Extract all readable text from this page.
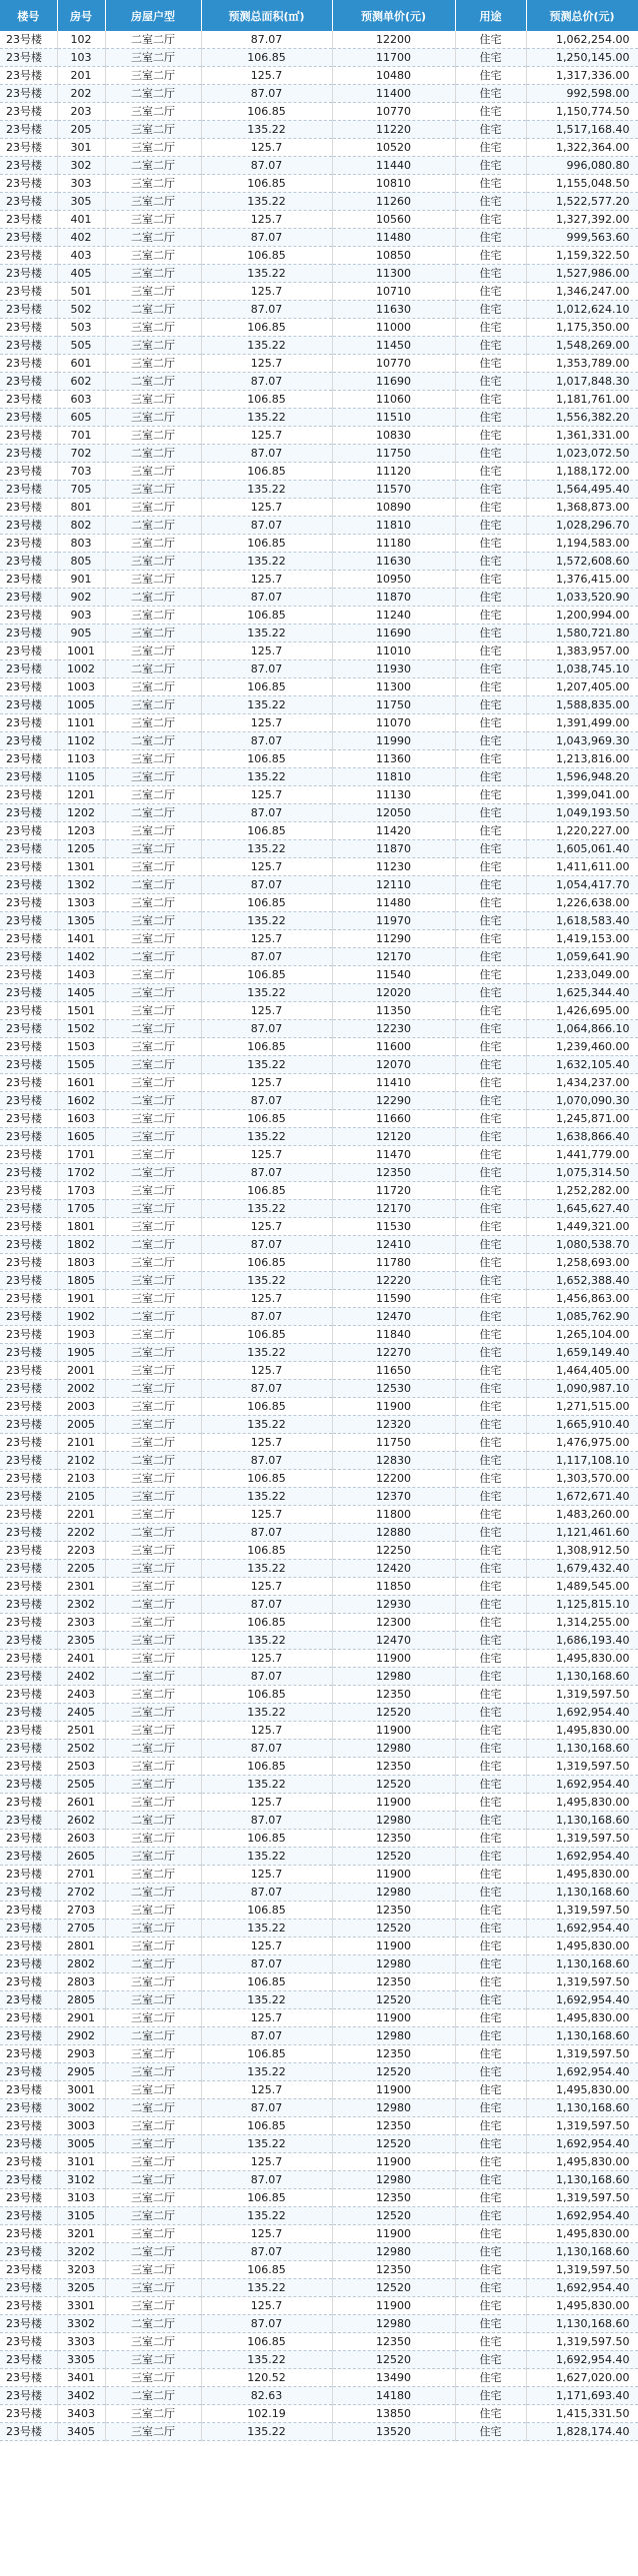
楼号	房号	房屋户型	预测总面积(㎡)	预测单价(元)	用途	预测总价(元)
23号楼	102	二室二厅	87.07	12200	住宅	1,062,254.00
23号楼	103	三室二厅	106.85	11700	住宅	1,250,145.00
23号楼	201	三室二厅	125.7	10480	住宅	1,317,336.00
23号楼	202	二室二厅	87.07	11400	住宅	992,598.00
23号楼	203	三室二厅	106.85	10770	住宅	1,150,774.50
23号楼	205	三室二厅	135.22	11220	住宅	1,517,168.40
23号楼	301	三室二厅	125.7	10520	住宅	1,322,364.00
23号楼	302	二室二厅	87.07	11440	住宅	996,080.80
23号楼	303	三室二厅	106.85	10810	住宅	1,155,048.50
23号楼	305	三室二厅	135.22	11260	住宅	1,522,577.20
23号楼	401	三室二厅	125.7	10560	住宅	1,327,392.00
23号楼	402	二室二厅	87.07	11480	住宅	999,563.60
23号楼	403	三室二厅	106.85	10850	住宅	1,159,322.50
23号楼	405	三室二厅	135.22	11300	住宅	1,527,986.00
23号楼	501	三室二厅	125.7	10710	住宅	1,346,247.00
23号楼	502	二室二厅	87.07	11630	住宅	1,012,624.10
23号楼	503	三室二厅	106.85	11000	住宅	1,175,350.00
23号楼	505	三室二厅	135.22	11450	住宅	1,548,269.00
23号楼	601	三室二厅	125.7	10770	住宅	1,353,789.00
23号楼	602	二室二厅	87.07	11690	住宅	1,017,848.30
23号楼	603	三室二厅	106.85	11060	住宅	1,181,761.00
23号楼	605	三室二厅	135.22	11510	住宅	1,556,382.20
23号楼	701	三室二厅	125.7	10830	住宅	1,361,331.00
23号楼	702	二室二厅	87.07	11750	住宅	1,023,072.50
23号楼	703	三室二厅	106.85	11120	住宅	1,188,172.00
23号楼	705	三室二厅	135.22	11570	住宅	1,564,495.40
23号楼	801	三室二厅	125.7	10890	住宅	1,368,873.00
23号楼	802	二室二厅	87.07	11810	住宅	1,028,296.70
23号楼	803	三室二厅	106.85	11180	住宅	1,194,583.00
23号楼	805	三室二厅	135.22	11630	住宅	1,572,608.60
23号楼	901	三室二厅	125.7	10950	住宅	1,376,415.00
23号楼	902	二室二厅	87.07	11870	住宅	1,033,520.90
23号楼	903	三室二厅	106.85	11240	住宅	1,200,994.00
23号楼	905	三室二厅	135.22	11690	住宅	1,580,721.80
23号楼	1001	三室二厅	125.7	11010	住宅	1,383,957.00
23号楼	1002	二室二厅	87.07	11930	住宅	1,038,745.10
23号楼	1003	三室二厅	106.85	11300	住宅	1,207,405.00
23号楼	1005	三室二厅	135.22	11750	住宅	1,588,835.00
23号楼	1101	三室二厅	125.7	11070	住宅	1,391,499.00
23号楼	1102	二室二厅	87.07	11990	住宅	1,043,969.30
23号楼	1103	三室二厅	106.85	11360	住宅	1,213,816.00
23号楼	1105	三室二厅	135.22	11810	住宅	1,596,948.20
23号楼	1201	三室二厅	125.7	11130	住宅	1,399,041.00
23号楼	1202	二室二厅	87.07	12050	住宅	1,049,193.50
23号楼	1203	三室二厅	106.85	11420	住宅	1,220,227.00
23号楼	1205	三室二厅	135.22	11870	住宅	1,605,061.40
23号楼	1301	三室二厅	125.7	11230	住宅	1,411,611.00
23号楼	1302	二室二厅	87.07	12110	住宅	1,054,417.70
23号楼	1303	三室二厅	106.85	11480	住宅	1,226,638.00
23号楼	1305	三室二厅	135.22	11970	住宅	1,618,583.40
23号楼	1401	三室二厅	125.7	11290	住宅	1,419,153.00
23号楼	1402	二室二厅	87.07	12170	住宅	1,059,641.90
23号楼	1403	三室二厅	106.85	11540	住宅	1,233,049.00
23号楼	1405	三室二厅	135.22	12020	住宅	1,625,344.40
23号楼	1501	三室二厅	125.7	11350	住宅	1,426,695.00
23号楼	1502	二室二厅	87.07	12230	住宅	1,064,866.10
23号楼	1503	三室二厅	106.85	11600	住宅	1,239,460.00
23号楼	1505	三室二厅	135.22	12070	住宅	1,632,105.40
23号楼	1601	三室二厅	125.7	11410	住宅	1,434,237.00
23号楼	1602	二室二厅	87.07	12290	住宅	1,070,090.30
23号楼	1603	三室二厅	106.85	11660	住宅	1,245,871.00
23号楼	1605	三室二厅	135.22	12120	住宅	1,638,866.40
23号楼	1701	三室二厅	125.7	11470	住宅	1,441,779.00
23号楼	1702	二室二厅	87.07	12350	住宅	1,075,314.50
23号楼	1703	三室二厅	106.85	11720	住宅	1,252,282.00
23号楼	1705	三室二厅	135.22	12170	住宅	1,645,627.40
23号楼	1801	三室二厅	125.7	11530	住宅	1,449,321.00
23号楼	1802	二室二厅	87.07	12410	住宅	1,080,538.70
23号楼	1803	三室二厅	106.85	11780	住宅	1,258,693.00
23号楼	1805	三室二厅	135.22	12220	住宅	1,652,388.40
23号楼	1901	三室二厅	125.7	11590	住宅	1,456,863.00
23号楼	1902	二室二厅	87.07	12470	住宅	1,085,762.90
23号楼	1903	三室二厅	106.85	11840	住宅	1,265,104.00
23号楼	1905	三室二厅	135.22	12270	住宅	1,659,149.40
23号楼	2001	三室二厅	125.7	11650	住宅	1,464,405.00
23号楼	2002	二室二厅	87.07	12530	住宅	1,090,987.10
23号楼	2003	三室二厅	106.85	11900	住宅	1,271,515.00
23号楼	2005	三室二厅	135.22	12320	住宅	1,665,910.40
23号楼	2101	三室二厅	125.7	11750	住宅	1,476,975.00
23号楼	2102	二室二厅	87.07	12830	住宅	1,117,108.10
23号楼	2103	三室二厅	106.85	12200	住宅	1,303,570.00
23号楼	2105	三室二厅	135.22	12370	住宅	1,672,671.40
23号楼	2201	三室二厅	125.7	11800	住宅	1,483,260.00
23号楼	2202	二室二厅	87.07	12880	住宅	1,121,461.60
23号楼	2203	三室二厅	106.85	12250	住宅	1,308,912.50
23号楼	2205	三室二厅	135.22	12420	住宅	1,679,432.40
23号楼	2301	三室二厅	125.7	11850	住宅	1,489,545.00
23号楼	2302	二室二厅	87.07	12930	住宅	1,125,815.10
23号楼	2303	三室二厅	106.85	12300	住宅	1,314,255.00
23号楼	2305	三室二厅	135.22	12470	住宅	1,686,193.40
23号楼	2401	三室二厅	125.7	11900	住宅	1,495,830.00
23号楼	2402	二室二厅	87.07	12980	住宅	1,130,168.60
23号楼	2403	三室二厅	106.85	12350	住宅	1,319,597.50
23号楼	2405	三室二厅	135.22	12520	住宅	1,692,954.40
23号楼	2501	三室二厅	125.7	11900	住宅	1,495,830.00
23号楼	2502	二室二厅	87.07	12980	住宅	1,130,168.60
23号楼	2503	三室二厅	106.85	12350	住宅	1,319,597.50
23号楼	2505	三室二厅	135.22	12520	住宅	1,692,954.40
23号楼	2601	三室二厅	125.7	11900	住宅	1,495,830.00
23号楼	2602	二室二厅	87.07	12980	住宅	1,130,168.60
23号楼	2603	三室二厅	106.85	12350	住宅	1,319,597.50
23号楼	2605	三室二厅	135.22	12520	住宅	1,692,954.40
23号楼	2701	三室二厅	125.7	11900	住宅	1,495,830.00
23号楼	2702	二室二厅	87.07	12980	住宅	1,130,168.60
23号楼	2703	三室二厅	106.85	12350	住宅	1,319,597.50
23号楼	2705	三室二厅	135.22	12520	住宅	1,692,954.40
23号楼	2801	三室二厅	125.7	11900	住宅	1,495,830.00
23号楼	2802	二室二厅	87.07	12980	住宅	1,130,168.60
23号楼	2803	三室二厅	106.85	12350	住宅	1,319,597.50
23号楼	2805	三室二厅	135.22	12520	住宅	1,692,954.40
23号楼	2901	三室二厅	125.7	11900	住宅	1,495,830.00
23号楼	2902	二室二厅	87.07	12980	住宅	1,130,168.60
23号楼	2903	三室二厅	106.85	12350	住宅	1,319,597.50
23号楼	2905	三室二厅	135.22	12520	住宅	1,692,954.40
23号楼	3001	三室二厅	125.7	11900	住宅	1,495,830.00
23号楼	3002	二室二厅	87.07	12980	住宅	1,130,168.60
23号楼	3003	三室二厅	106.85	12350	住宅	1,319,597.50
23号楼	3005	三室二厅	135.22	12520	住宅	1,692,954.40
23号楼	3101	三室二厅	125.7	11900	住宅	1,495,830.00
23号楼	3102	二室二厅	87.07	12980	住宅	1,130,168.60
23号楼	3103	三室二厅	106.85	12350	住宅	1,319,597.50
23号楼	3105	三室二厅	135.22	12520	住宅	1,692,954.40
23号楼	3201	三室二厅	125.7	11900	住宅	1,495,830.00
23号楼	3202	二室二厅	87.07	12980	住宅	1,130,168.60
23号楼	3203	三室二厅	106.85	12350	住宅	1,319,597.50
23号楼	3205	三室二厅	135.22	12520	住宅	1,692,954.40
23号楼	3301	三室二厅	125.7	11900	住宅	1,495,830.00
23号楼	3302	二室二厅	87.07	12980	住宅	1,130,168.60
23号楼	3303	三室二厅	106.85	12350	住宅	1,319,597.50
23号楼	3305	三室二厅	135.22	12520	住宅	1,692,954.40
23号楼	3401	三室二厅	120.52	13490	住宅	1,627,020.00
23号楼	3402	二室二厅	82.63	14180	住宅	1,171,693.40
23号楼	3403	三室二厅	102.19	13850	住宅	1,415,331.50
23号楼	3405	三室二厅	135.22	13520	住宅	1,828,174.40
